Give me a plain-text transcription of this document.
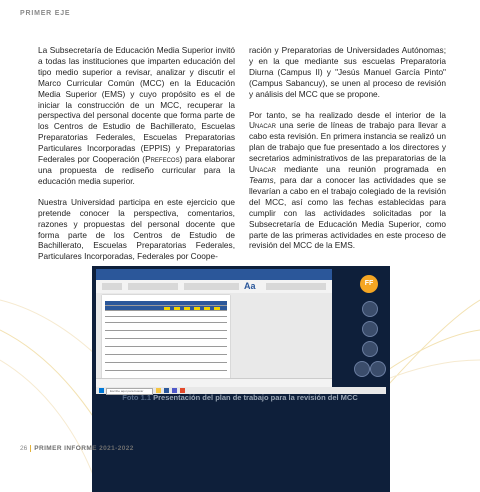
PRIMER EJE

La Subsecretaría de Educación Media Superior invitó a todas las instituciones que imparten educación del tipo medio superior a revisar, analizar y discutir el Marco Curricular Común (MCC) en la Educación Media Superior (EMS) y cuyo propósito es el de iniciar la construcción de un MCC, recuperar la perspectiva del personal docente que forma parte de los Centros de Estudio de Bachillerato, Escuelas Preparatorias Federales, Escuelas Preparatorias Particulares Incorporadas (EPPIS) y Preparatorias Federales por Cooperación (Prefecos) para elaborar una propuesta de rediseño curricular para la educación media superior.

Nuestra Universidad participa en este ejercicio que pretende conocer la perspectiva, comentarios, razones y propuestas del personal docente que forma parte de los Centros de Estudio de Bachillerato, Escuelas Preparatorias Federales, Particulares Incorporadas, Federales por Coope-

ración y Preparatorias de Universidades Autónomas; y en la que mediante sus escuelas Preparatoria Diurna (Campus II) y "Jesús Manuel García Pinto" (Campus Sabancuy), se unen al proceso de revisión y análisis del MCC que se propone.

Por tanto, se ha realizado desde el interior de la Unacar una serie de líneas de trabajo para llevar a cabo esta revisión. En primera instancia se realizó un plan de trabajo que fue presentado a los directores y secretarios administrativos de las preparatorias de la Unacar mediante una reunión programada en Teams, para dar a conocer las actividades que se llevarían a cabo en el trabajo colegiado de la revisión del MCC, así como las fechas establecidas para cumplir con las actividades solicitadas por la Subsecretaría de Educación Media Superior, como parte de las primeras actividades en este proceso de revisión del MCC de la EMS.

Aa	FF
Escribe aquí para buscar
Foto 1.1 Presentación del plan de trabajo para la revisión del MCC
26 PRIMER INFORME 2021-2022
